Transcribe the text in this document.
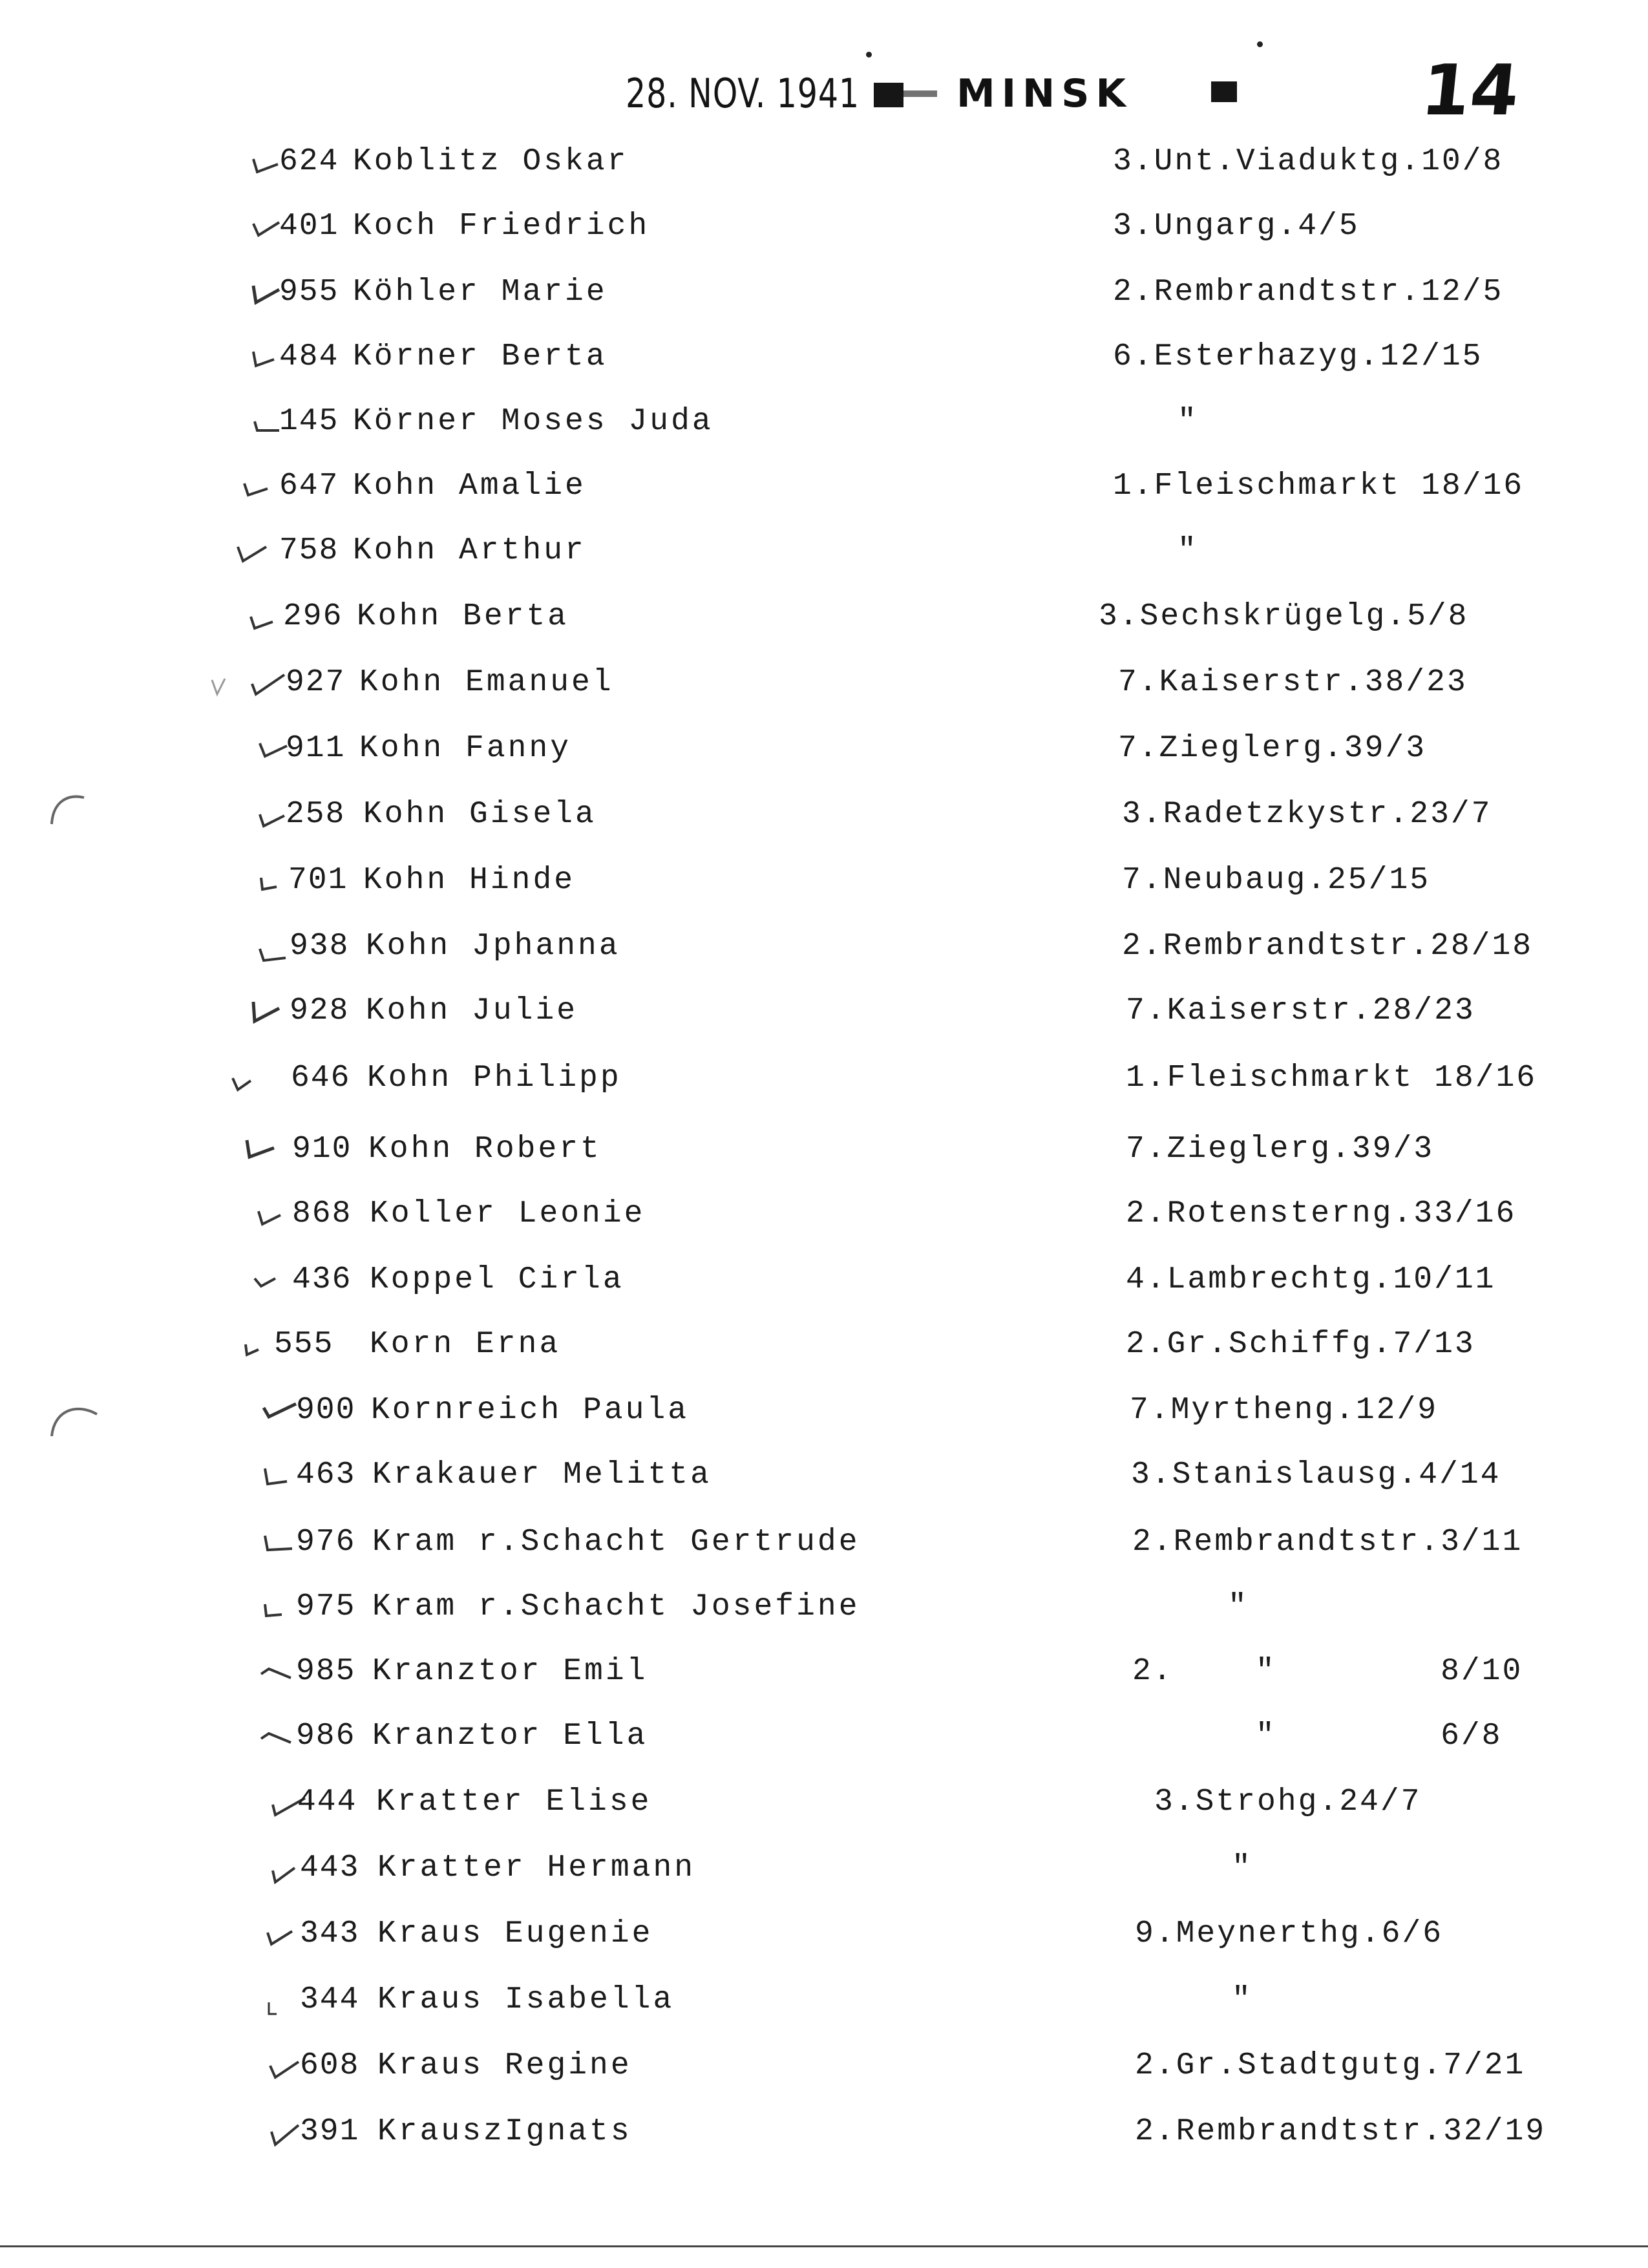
28. NOV. 1941 MINSK	14
624 Koblitz Oskar	3.Unt.Viaduktg.10/8
401 Koch Friedrich	3.Ungarg.4/5
955 Köhler Marie	2.Rembrandtstr.12/5
484 Körner Berta	6.Esterhazyg.12/15
145 Körner Moses Juda	"
647 Kohn Amalie	1.Fleischmarkt 18/16
758 Kohn Arthur	"
296 Kohn Berta	3.Sechskrügelg.5/8
927 Kohn Emanuel	7.Kaiserstr.38/23
911 Kohn Fanny	7.Zieglerg.39/3
258 Kohn Gisela	3.Radetzkystr.23/7
701 Kohn Hinde	7.Neubaug.25/15
938 Kohn Jphanna	2.Rembrandtstr.28/18
928 Kohn Julie	7.Kaiserstr.28/23
646 Kohn Philipp	1.Fleischmarkt 18/16
910 Kohn Robert	7.Zieglerg.39/3
868 Koller Leonie	2.Rotensterng.33/16
436 Koppel Cirla	4.Lambrechtg.10/11
555 Korn Erna	2.Gr.Schiffg.7/13
900 Kornreich Paula	7.Myrtheng.12/9
463 Krakauer Melitta	3.Stanislausg.4/14
976 Kram r.Schacht Gertrude	2.Rembrandtstr.3/11
975 Kram r.Schacht Josefine	"
985 Kranztor Emil	2.    "        8/10
986 Kranztor Ella	"        6/8
444 Kratter Elise	3.Strohg.24/7
443 Kratter Hermann	"
343 Kraus Eugenie	9.Meynerthg.6/6
344 Kraus Isabella	"
608 Kraus Regine	2.Gr.Stadtgutg.7/21
391 KrauszIgnats	2.Rembrandtstr.32/19
